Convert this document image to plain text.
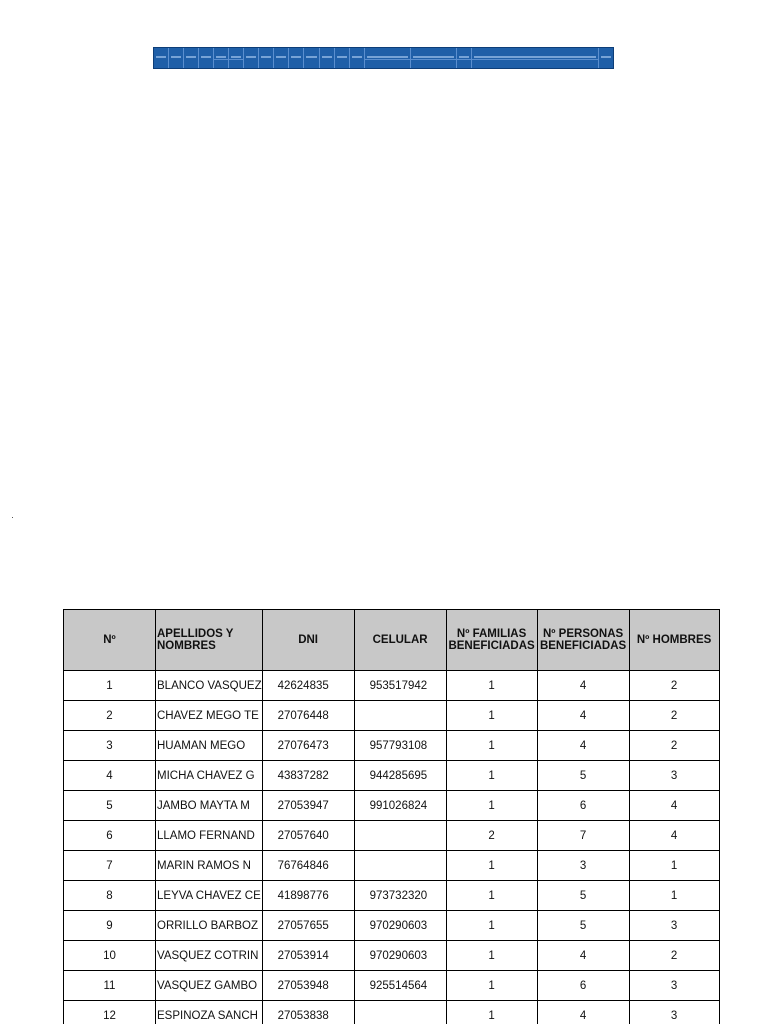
Nº	APELLIDOS Y NOMBRES	DNI	CELULAR	Nº FAMILIAS BENEFICIADAS	Nº PERSONAS BENEFICIADAS	Nº HOMBRES
1	BLANCO VASQUEZ	42624835	953517942	1	4	2
2	CHAVEZ MEGO TE	27076448		1	4	2
3	HUAMAN MEGO	27076473	957793108	1	4	2
4	MICHA CHAVEZ G	43837282	944285695	1	5	3
5	JAMBO MAYTA M	27053947	991026824	1	6	4
6	LLAMO FERNAND	27057640		2	7	4
7	MARIN RAMOS N	76764846		1	3	1
8	LEYVA CHAVEZ CE	41898776	973732320	1	5	1
9	ORRILLO BARBOZ	27057655	970290603	1	5	3
10	VASQUEZ COTRIN	27053914	970290603	1	4	2
11	VASQUEZ GAMBO	27053948	925514564	1	6	3
12	ESPINOZA SANCH	27053838		1	4	3
